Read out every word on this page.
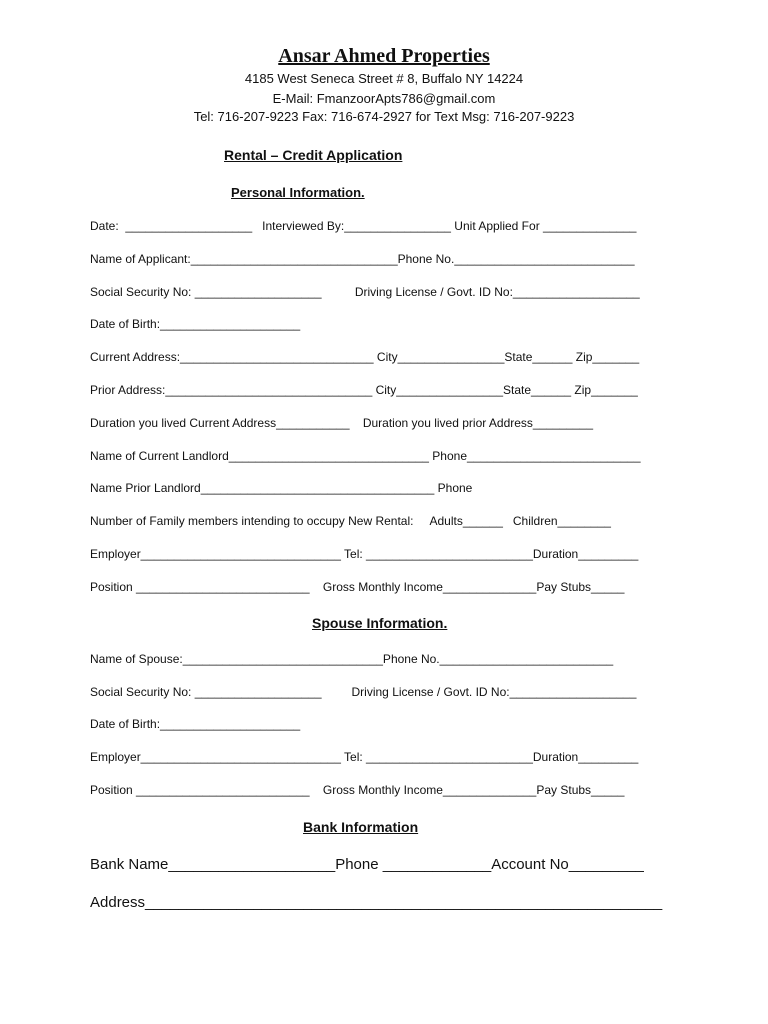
Ansar Ahmed Properties
4185 West Seneca Street # 8, Buffalo NY 14224
E-Mail: FmanzoorApts786@gmail.com
Tel: 716-207-9223 Fax: 716-674-2927 for Text Msg: 716-207-9223
Rental – Credit Application
Personal Information.
Date:  ___________________   Interviewed By:________________ Unit Applied For ______________
Name of Applicant:_______________________________Phone No.___________________________
Social Security No: ___________________          Driving License / Govt. ID No:___________________
Date of Birth:_____________________
Current Address:_____________________________ City________________State______ Zip_______
Prior Address:_______________________________ City________________State______ Zip_______
Duration you lived Current Address___________    Duration you lived prior Address_________
Name of Current Landlord______________________________ Phone__________________________
Name Prior Landlord___________________________________ Phone
Number of Family members intending to occupy New Rental:     Adults______   Children________
Employer______________________________ Tel: _________________________Duration_________
Position __________________________    Gross Monthly Income______________Pay Stubs_____
Spouse Information.
Name of Spouse:______________________________Phone No.__________________________
Social Security No: ___________________         Driving License / Govt. ID No:___________________
Date of Birth:_____________________
Employer______________________________ Tel: _________________________Duration_________
Position __________________________    Gross Monthly Income______________Pay Stubs_____
Bank Information
Bank Name____________________Phone _____________Account No_________
Address______________________________________________________________
